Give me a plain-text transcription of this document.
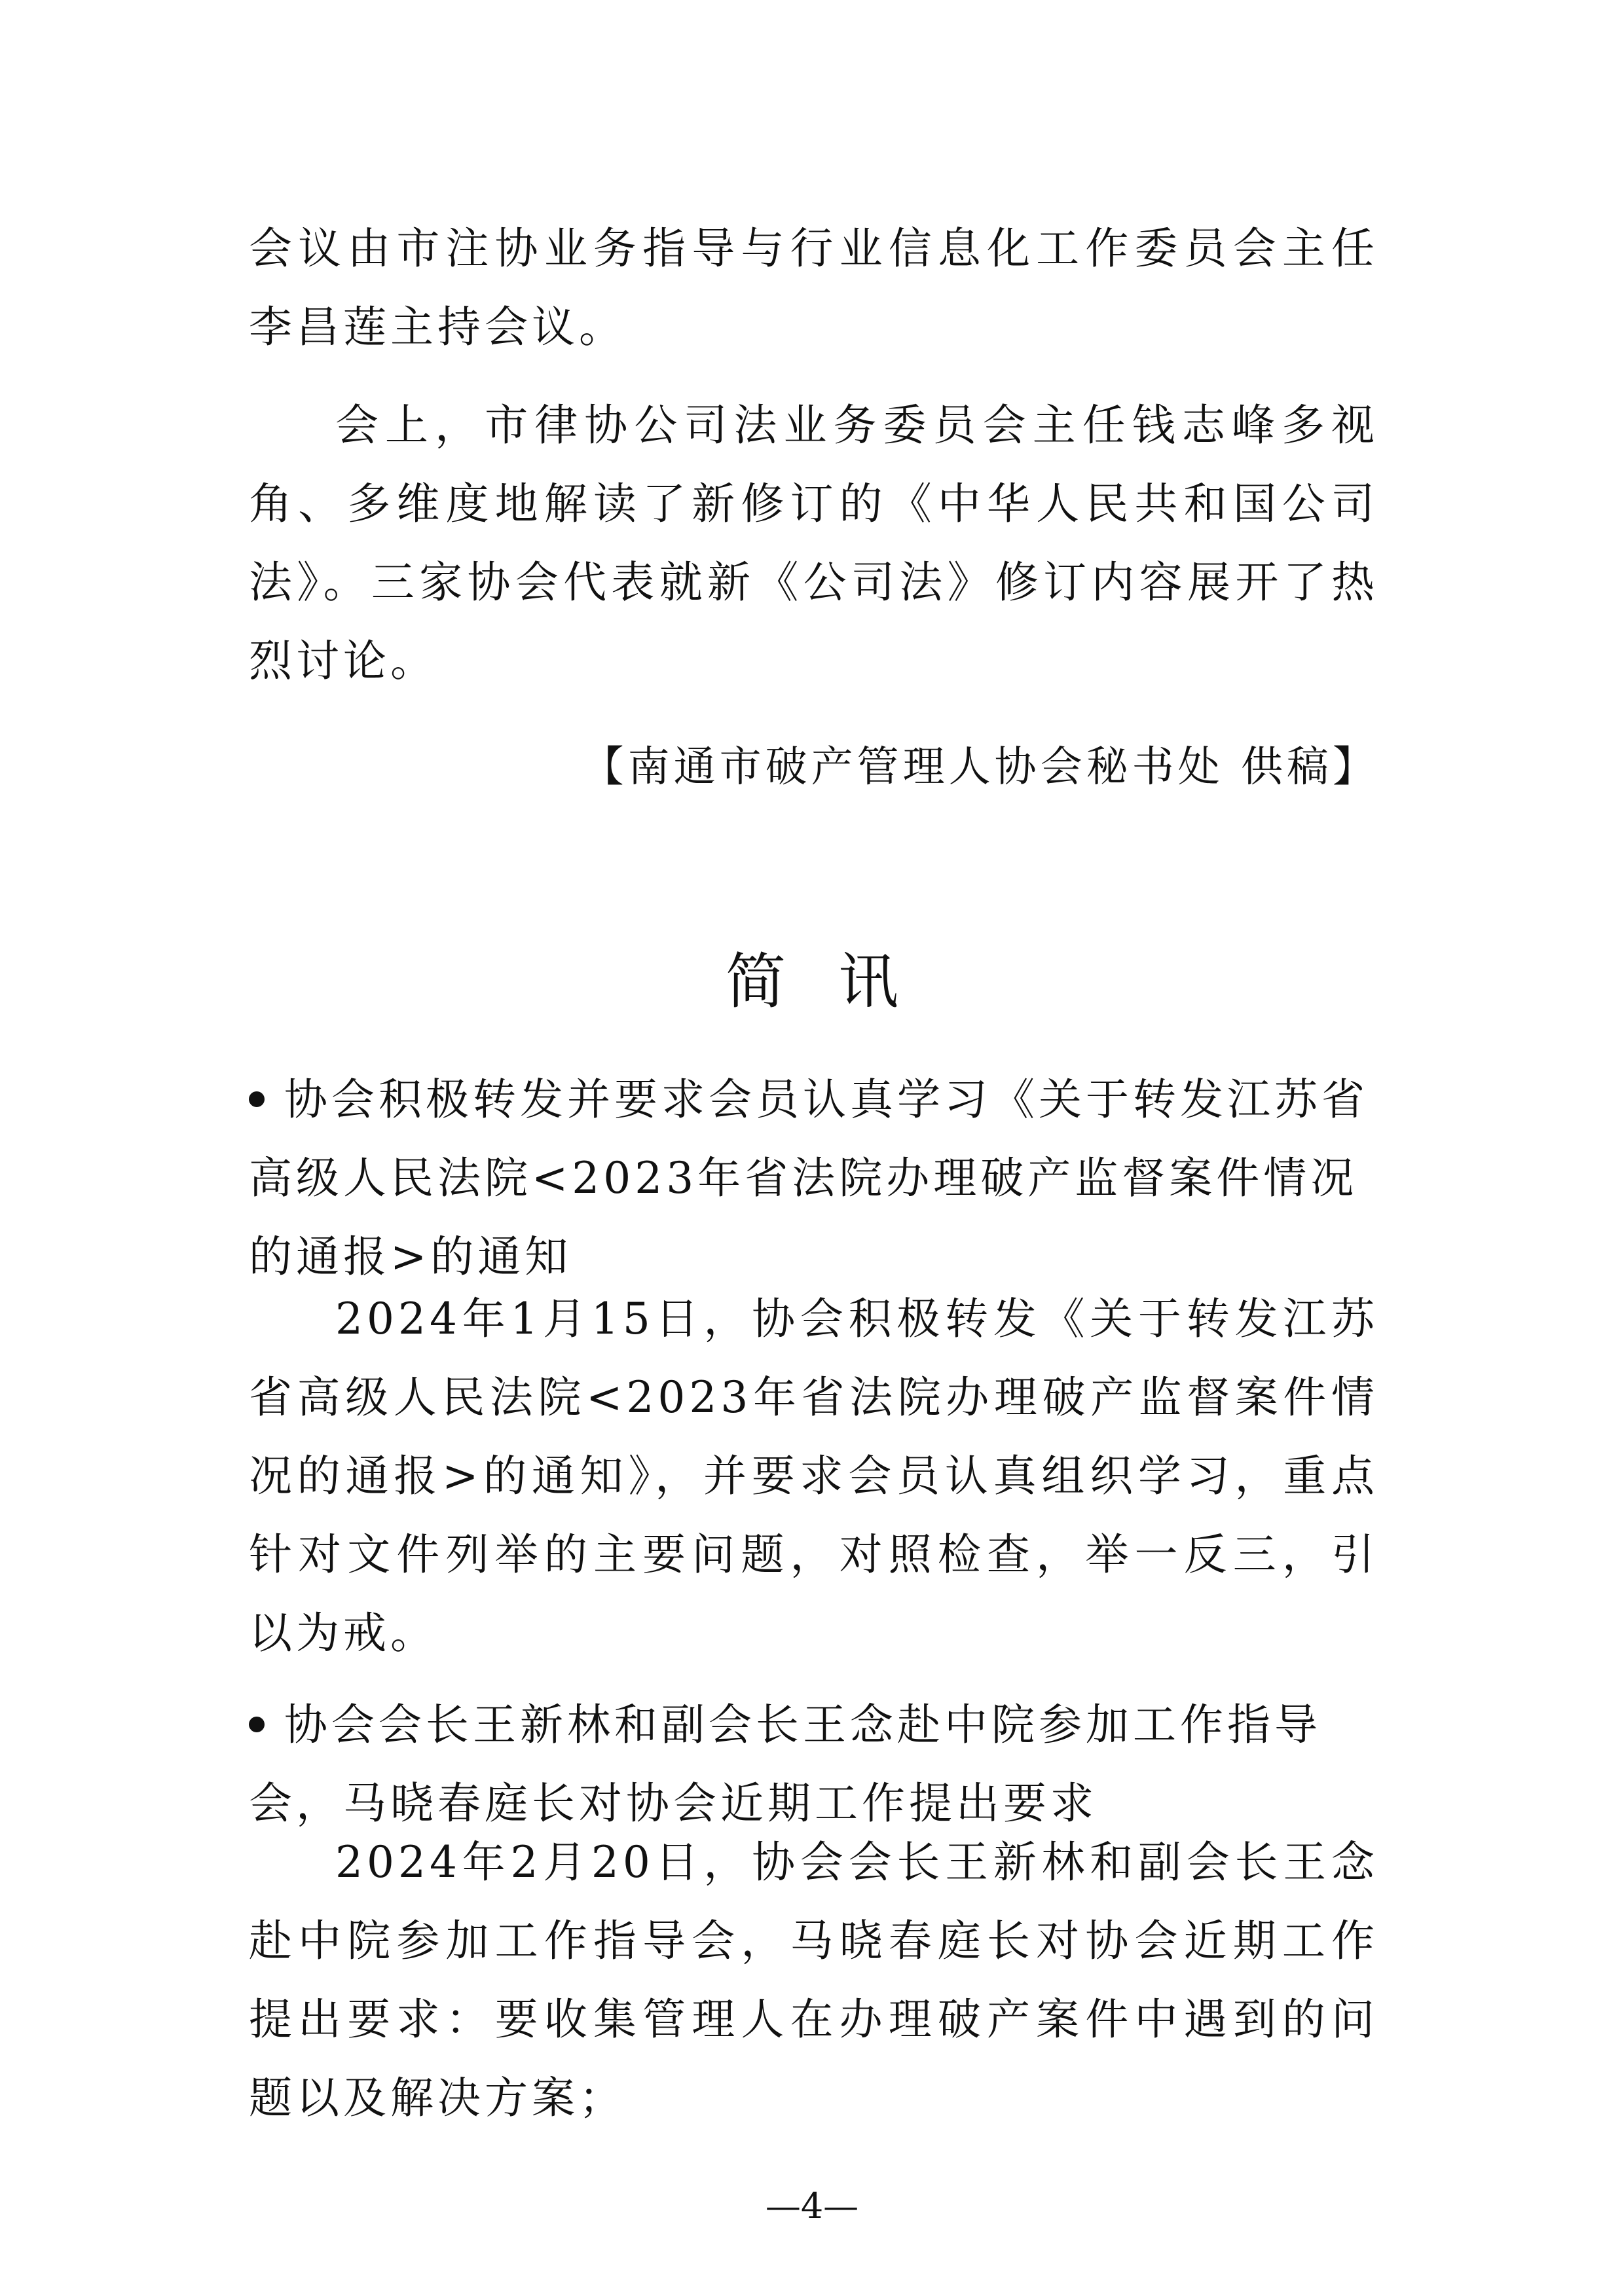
会议由市注协业务指导与行业信息化工作委员会主任李昌莲主持会议。

会上，市律协公司法业务委员会主任钱志峰多视角、多维度地解读了新修订的《中华人民共和国公司法》。三家协会代表就新《公司法》修订内容展开了热烈讨论。

【南通市破产管理人协会秘书处 供稿】

简讯
协会积极转发并要求会员认真学习《关于转发江苏省高级人民法院<2023年省法院办理破产监督案件情况的通报>的通知

2024年1月15日，协会积极转发《关于转发江苏省高级人民法院<2023年省法院办理破产监督案件情况的通报>的通知》，并要求会员认真组织学习，重点针对文件列举的主要问题，对照检查，举一反三，引以为戒。

协会会长王新林和副会长王念赴中院参加工作指导会，马晓春庭长对协会近期工作提出要求

2024年2月20日，协会会长王新林和副会长王念赴中院参加工作指导会，马晓春庭长对协会近期工作提出要求：要收集管理人在办理破产案件中遇到的问题以及解决方案；

—4—
